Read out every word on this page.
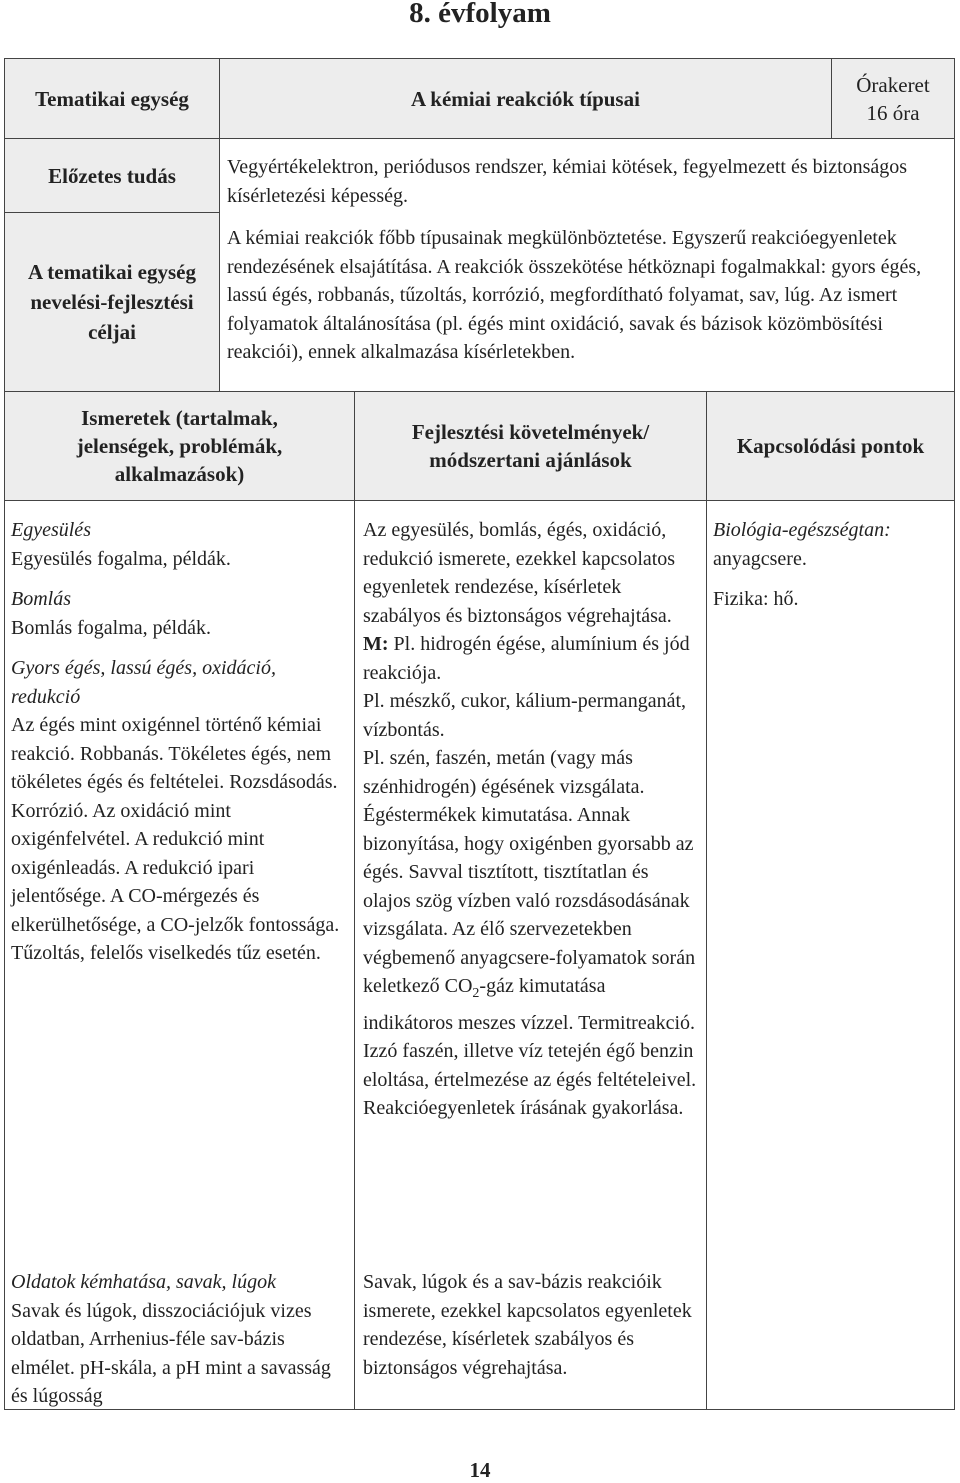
8. évfolyam
Tematikai egység	A kémiai reakciók típusai
Órakeret
16 óra
Előzetes tudás	Vegyértékelektron, periódusos rendszer, kémiai kötések, fegyelmezett és biztonságos kísérletezési képesség.
A tematikai egység
nevelési-fejlesztési
céljai
A kémiai reakciók főbb típusainak megkülönböztetése. Egyszerű reakcióegyenletek rendezésének elsajátítása. A reakciók összekötése hétköznapi fogalmakkal: gyors égés, lassú égés, robbanás, tűzoltás, korrózió, megfordítható folyamat, sav, lúg. Az ismert folyamatok általánosítása (pl. égés mint oxidáció, savak és bázisok közömbösítési reakciói), ennek alkalmazása kísérletekben.
Ismeretek (tartalmak,
jelenségek, problémák,
alkalmazások)
Fejlesztési követelmények/
módszertani ajánlások
Kapcsolódási pontok

Egyesülés

Egyesülés fogalma, példák.

Bomlás

Bomlás fogalma, példák.

Gyors égés, lassú égés, oxidáció, redukció

Az égés mint oxigénnel történő kémiai reakció. Robbanás. Tökéletes égés, nem tökéletes égés és feltételei. Rozsdásodás. Korrózió. Az oxidáció mint oxigénfelvétel. A redukció mint oxigénleadás. A redukció ipari jelentősége. A CO-mérgezés és elkerülhetősége, a CO-jelzők fontossága. Tűzoltás, felelős viselkedés tűz esetén.

Az egyesülés, bomlás, égés, oxidáció, redukció ismerete, ezekkel kapcsolatos egyenletek rendezése, kísérletek szabályos és biztonságos végrehajtása.

M: Pl. hidrogén égése, alumínium és jód reakciója.

Pl. mészkő, cukor, kálium-permanganát, vízbontás.

Pl. szén, faszén, metán (vagy más szénhidrogén) égésének vizsgálata. Égéstermékek kimutatása. Annak bizonyítása, hogy oxigénben gyorsabb az égés. Savval tisztított, tisztítatlan és olajos szög vízben való rozsdásodásának vizsgálata. Az élő szervezetekben végbemenő anyagcsere-folyamatok során keletkező $CO_2$-gáz kimutatása indikátoros meszes vízzel. Termitreakció. Izzó faszén, illetve víz tetején égő benzin eloltása, értelmezése az égés feltételeivel. Reakcióegyenletek írásának gyakorlása.

Biológia-egészségtan:

anyagcsere.

Fizika: hő.

Oldatok kémhatása, savak, lúgok

Savak és lúgok, disszociációjuk vizes oldatban, Arrhenius-féle sav-bázis elmélet. pH-skála, a pH mint a savasság és lúgosság

Savak, lúgok és a sav-bázis reakcióik ismerete, ezekkel kapcsolatos egyenletek rendezése, kísérletek szabályos és biztonságos végrehajtása.

14
